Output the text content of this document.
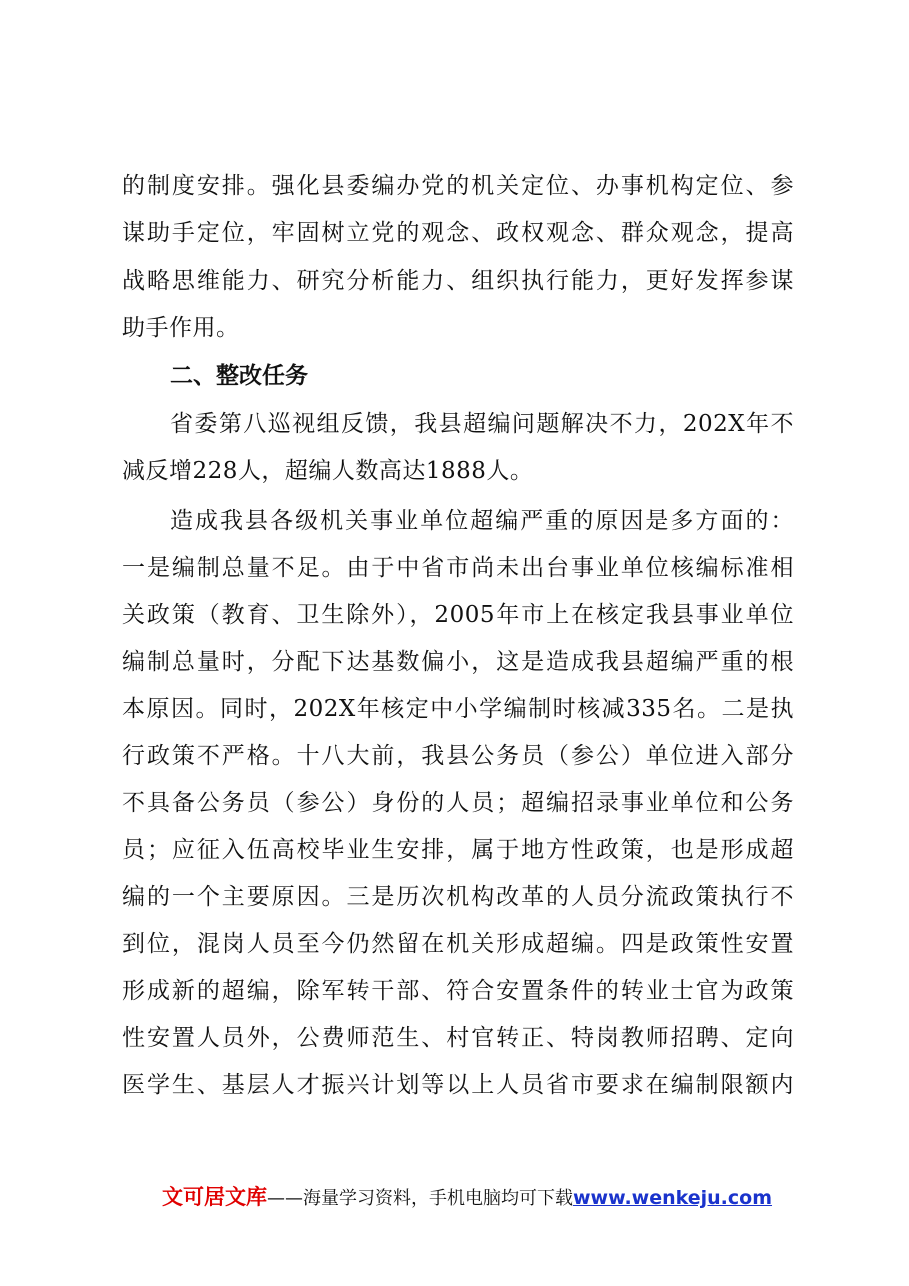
的制度安排。强化县委编办党的机关定位、办事机构定位、参
谋助手定位，牢固树立党的观念、政权观念、群众观念，提高
战略思维能力、研究分析能力、组织执行能力，更好发挥参谋
助手作用。
二、整改任务
省委第八巡视组反馈，我县超编问题解决不力，202X年不
减反增228人，超编人数高达1888人。
造成我县各级机关事业单位超编严重的原因是多方面的：
一是编制总量不足。由于中省市尚未出台事业单位核编标准相
关政策（教育、卫生除外），2005年市上在核定我县事业单位
编制总量时，分配下达基数偏小，这是造成我县超编严重的根
本原因。同时，202X年核定中小学编制时核减335名。二是执
行政策不严格。十八大前，我县公务员（参公）单位进入部分
不具备公务员（参公）身份的人员；超编招录事业单位和公务
员；应征入伍高校毕业生安排，属于地方性政策，也是形成超
编的一个主要原因。三是历次机构改革的人员分流政策执行不
到位，混岗人员至今仍然留在机关形成超编。四是政策性安置
形成新的超编，除军转干部、符合安置条件的转业士官为政策
性安置人员外，公费师范生、村官转正、特岗教师招聘、定向
医学生、基层人才振兴计划等以上人员省市要求在编制限额内
文可居文库——海量学习资料，手机电脑均可下载www.wenkeju.com
